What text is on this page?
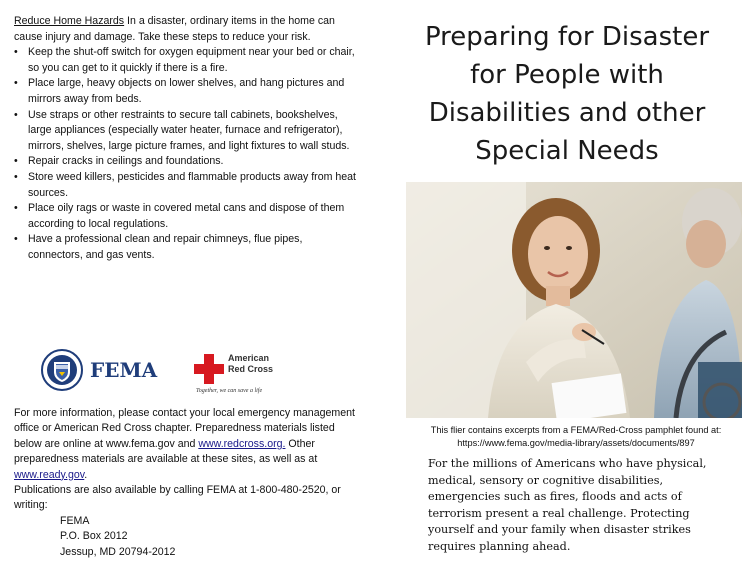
Reduce Home Hazards In a disaster, ordinary items in the home can cause injury and damage. Take these steps to reduce your risk.
• Keep the shut-off switch for oxygen equipment near your bed or chair, so you can get to it quickly if there is a fire.
• Place large, heavy objects on lower shelves, and hang pictures and mirrors away from beds.
• Use straps or other restraints to secure tall cabinets, bookshelves, large appliances (especially water heater, furnace and refrigerator), mirrors, shelves, large picture frames, and light fixtures to wall studs.
• Repair cracks in ceilings and foundations.
• Store weed killers, pesticides and flammable products away from heat sources.
• Place oily rags or waste in covered metal cans and dispose of them according to local regulations.
• Have a professional clean and repair chimneys, flue pipes, connectors, and gas vents.
FEMA	American
Red Cross
Together, we can save a life

For more information, please contact your local emergency management office or American Red Cross chapter. Preparedness materials listed below are online at www.fema.gov and www.redcross.org. Other preparedness materials are available at these sites, as well as at www.ready.gov.

Publications are also available by calling FEMA at 1-800-480-2520, or writing:

FEMA

P.O. Box 2012

Jessup, MD 20794-2012

Preparing for Disaster
for People with
Disabilities and other
Special Needs
This flier contains excerpts from a FEMA/Red-Cross pamphlet found at:
https://www.fema.gov/media-library/assets/documents/897
For the millions of Americans who have physical, medical, sensory or cognitive disabilities, emergencies such as fires, floods and acts of terrorism present a real challenge. Protecting yourself and your family when disaster strikes requires planning ahead.
